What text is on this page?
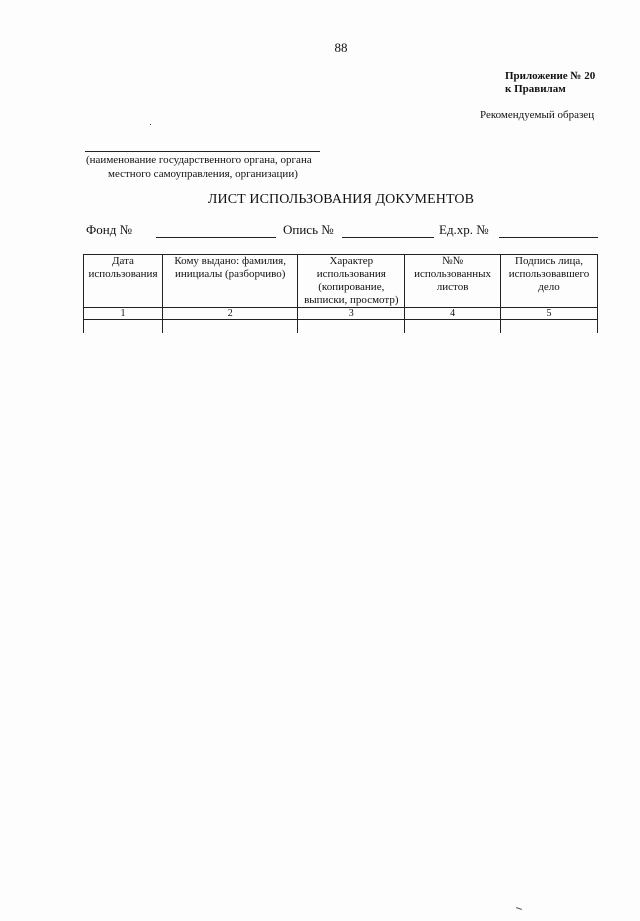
88
Приложение № 20
к Правилам
Рекомендуемый образец
(наименование государственного органа, органа
местного самоуправления, организации)
ЛИСТ ИСПОЛЬЗОВАНИЯ ДОКУМЕНТОВ
Фонд №	Опись №	Ед.хр. №
Дата использования	Кому выдано: фамилия, инициалы (разборчиво)	Характер использования (копирование, выписки, просмотр)	№№ использованных листов	Подпись лица, использовавшего дело
1	2	3	4	5
